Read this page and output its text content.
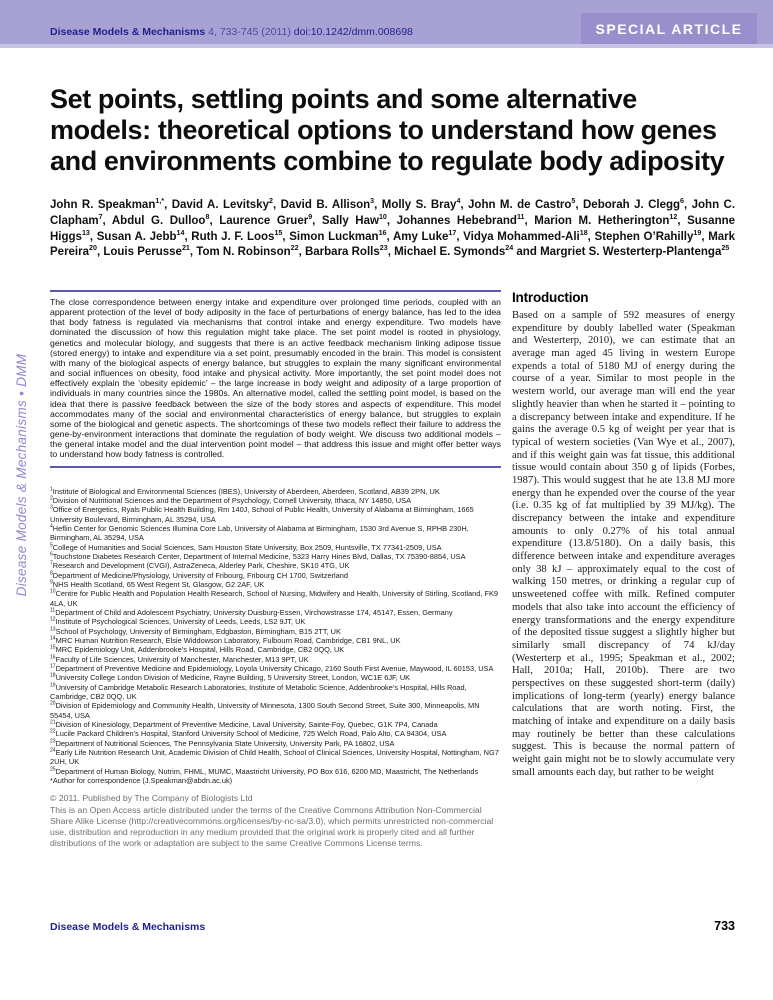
Disease Models & Mechanisms 4, 733-745 (2011) doi:10.1242/dmm.008698	SPECIAL ARTICLE
Disease Models & Mechanisms • DMM
Set points, settling points and some alternative
models: theoretical options to understand how genes
and environments combine to regulate body adiposity
John R. Speakman$^{1,*}$, David A. Levitsky$^2$, David B. Allison$^3$, Molly S. Bray$^4$, John M. de Castro$^5$, Deborah J. Clegg$^6$, John C. Clapham$^7$, Abdul G. Dulloo$^8$, Laurence Gruer$^9$, Sally Haw$^{10}$, Johannes Hebebrand$^{11}$, Marion M. Hetherington$^{12}$, Susanne Higgs$^{13}$, Susan A. Jebb$^{14}$, Ruth J. F. Loos$^{15}$, Simon Luckman$^{16}$, Amy Luke$^{17}$, Vidya Mohammed-Ali$^{18}$, Stephen O’Rahilly$^{19}$, Mark Pereira$^{20}$, Louis Perusse$^{21}$, Tom N. Robinson$^{22}$, Barbara Rolls$^{23}$, Michael E. Symonds$^{24}$ and Margriet S. Westerterp-Plantenga$^{25}$
The close correspondence between energy intake and expenditure over prolonged time periods, coupled with an apparent protection of the level of body adiposity in the face of perturbations of energy balance, has led to the idea that body fatness is regulated via mechanisms that control intake and energy expenditure. Two models have dominated the discussion of how this regulation might take place. The set point model is rooted in physiology, genetics and molecular biology, and suggests that there is an active feedback mechanism linking adipose tissue (stored energy) to intake and expenditure via a set point, presumably encoded in the brain. This model is consistent with many of the biological aspects of energy balance, but struggles to explain the many significant environmental and social influences on obesity, food intake and physical activity. More importantly, the set point model does not effectively explain the ‘obesity epidemic’ – the large increase in body weight and adiposity of a large proportion of individuals in many countries since the 1980s. An alternative model, called the settling point model, is based on the idea that there is passive feedback between the size of the body stores and aspects of expenditure. This model accommodates many of the social and environmental characteristics of energy balance, but struggles to explain some of the biological and genetic aspects. The shortcomings of these two models reflect their failure to address the gene-by-environment interactions that dominate the regulation of body weight. We discuss two additional models – the general intake model and the dual intervention point model – that address this issue and might offer better ways to understand how body fatness is controlled.
$^1$Institute of Biological and Environmental Sciences (IBES), University of Aberdeen, Aberdeen, Scotland, AB39 2PN, UK
$^2$Division of Nutritional Sciences and the Department of Psychology, Cornell University, Ithaca, NY 14850, USA
$^3$Office of Energetics, Ryals Public Health Building, Rm 140J, School of Public Health, University of Alabama at Birmingham, 1665 University Boulevard, Birmingham, AL 35294, USA
$^4$Heflin Center for Genomic Sciences Illumina Core Lab, University of Alabama at Birmingham, 1530 3rd Avenue S, RPHB 230H, Birmingham, AL 35294, USA
$^5$College of Humanities and Social Sciences, Sam Houston State University, Box 2509, Huntsville, TX 77341-2509, USA
$^6$Touchstone Diabetes Research Center, Department of Internal Medicine, 5323 Harry Hines Blvd, Dallas, TX 75390-8854, USA
$^7$Research and Development (CVGI), AstraZeneca, Alderley Park, Cheshire, SK10 4TG, UK
$^8$Department of Medicine/Physiology, University of Fribourg, Fribourg CH 1700, Switzerland
$^9$NHS Health Scotland, 65 West Regent St, Glasgow, G2 2AF, UK
$^{10}$Centre for Public Health and Population Health Research, School of Nursing, Midwifery and Health, University of Stirling, Scotland, FK9 4LA, UK
$^{11}$Department of Child and Adolescent Psychiatry, University Duisburg-Essen, Virchowstrasse 174, 45147, Essen, Germany
$^{12}$Institute of Psychological Sciences, University of Leeds, Leeds, LS2 9JT, UK
$^{13}$School of Psychology, University of Birmingham, Edgbaston, Birmingham, B15 2TT, UK
$^{14}$MRC Human Nutrition Research, Elsie Widdowson Laboratory, Fulbourn Road, Cambridge, CB1 9NL, UK
$^{15}$MRC Epidemiology Unit, Addenbrooke’s Hospital, Hills Road, Cambridge, CB2 0QQ, UK
$^{16}$Faculty of Life Sciences, University of Manchester, Manchester, M13 9PT, UK
$^{17}$Department of Preventive Medicine and Epidemiology, Loyola University Chicago, 2160 South First Avenue, Maywood, IL 60153, USA
$^{18}$University College London Division of Medicine, Rayne Building, 5 University Street, London, WC1E 6JF, UK
$^{19}$University of Cambridge Metabolic Research Laboratories, Institute of Metabolic Science, Addenbrooke’s Hospital, Hills Road, Cambridge, CB2 0QQ, UK
$^{20}$Division of Epidemiology and Community Health, University of Minnesota, 1300 South Second Street, Suite 300, Minneapolis, MN 55454, USA
$^{21}$Division of Kinesiology, Department of Preventive Medicine, Laval University, Sainte-Foy, Quebec, G1K 7P4, Canada
$^{22}$Lucile Packard Children’s Hospital, Stanford University School of Medicine, 725 Welch Road, Palo Alto, CA 94304, USA
$^{23}$Department of Nutritional Sciences, The Pennsylvania State University, University Park, PA 16802, USA
$^{24}$Early Life Nutrition Research Unit, Academic Division of Child Health, School of Clinical Sciences, University Hospital, Nottingham, NG7 2UH, UK
$^{25}$Department of Human Biology, Nutrim, FHML, MUMC, Maastricht University, PO Box 616, 6200 MD, Maastricht, The Netherlands
*Author for correspondence (J.Speakman@abdn.ac.uk)
© 2011. Published by The Company of Biologists Ltd
This is an Open Access article distributed under the terms of the Creative Commons Attribution Non-Commercial Share Alike License (http://creativecommons.org/licenses/by-nc-sa/3.0), which permits unrestricted non-commercial use, distribution and reproduction in any medium provided that the original work is properly cited and all further distributions of the work or adaptation are subject to the same Creative Commons License terms.
Introduction

Based on a sample of 592 measures of energy expenditure by doubly labelled water (Speakman and Westerterp, 2010), we can estimate that an average man aged 45 living in western Europe expends a total of 5180 MJ of energy during the course of a year. Similar to most people in the western world, our average man will end the year slightly heavier than when he started it – pointing to a discrepancy between intake and expenditure. If he gains the average 0.5 kg of weight per year that is typical of western societies (Van Wye et al., 2007), and if this weight gain was fat tissue, this additional tissue would contain about 350 g of lipids (Forbes, 1987). This would suggest that he ate 13.8 MJ more energy than he expended over the course of the year (i.e. 0.35 kg of fat multiplied by 39 MJ/kg). The discrepancy between the intake and expenditure amounts to only 0.27% of his total annual expenditure (13.8/5180). On a daily basis, this difference between intake and expenditure averages only 38 kJ – approximately equal to the cost of walking 150 metres, or drinking a regular cup of unsweetened coffee with milk. Refined computer models that also take into account the efficiency of energy transformations and the energy expenditure of the deposited tissue suggest a slightly higher but similarly small discrepancy of 74 kJ/day (Westerterp et al., 1995; Speakman et al., 2002; Hall, 2010a; Hall, 2010b). There are two perspectives on these suggested short-term (daily) implications of long-term (yearly) energy balance calculations that are worth noting. First, the matching of intake and expenditure on a daily basis may routinely be better than these calculations suggest. This is because the normal pattern of weight gain might not be to slowly accumulate very small amounts each day, but rather to be weight

Disease Models & Mechanisms	733
